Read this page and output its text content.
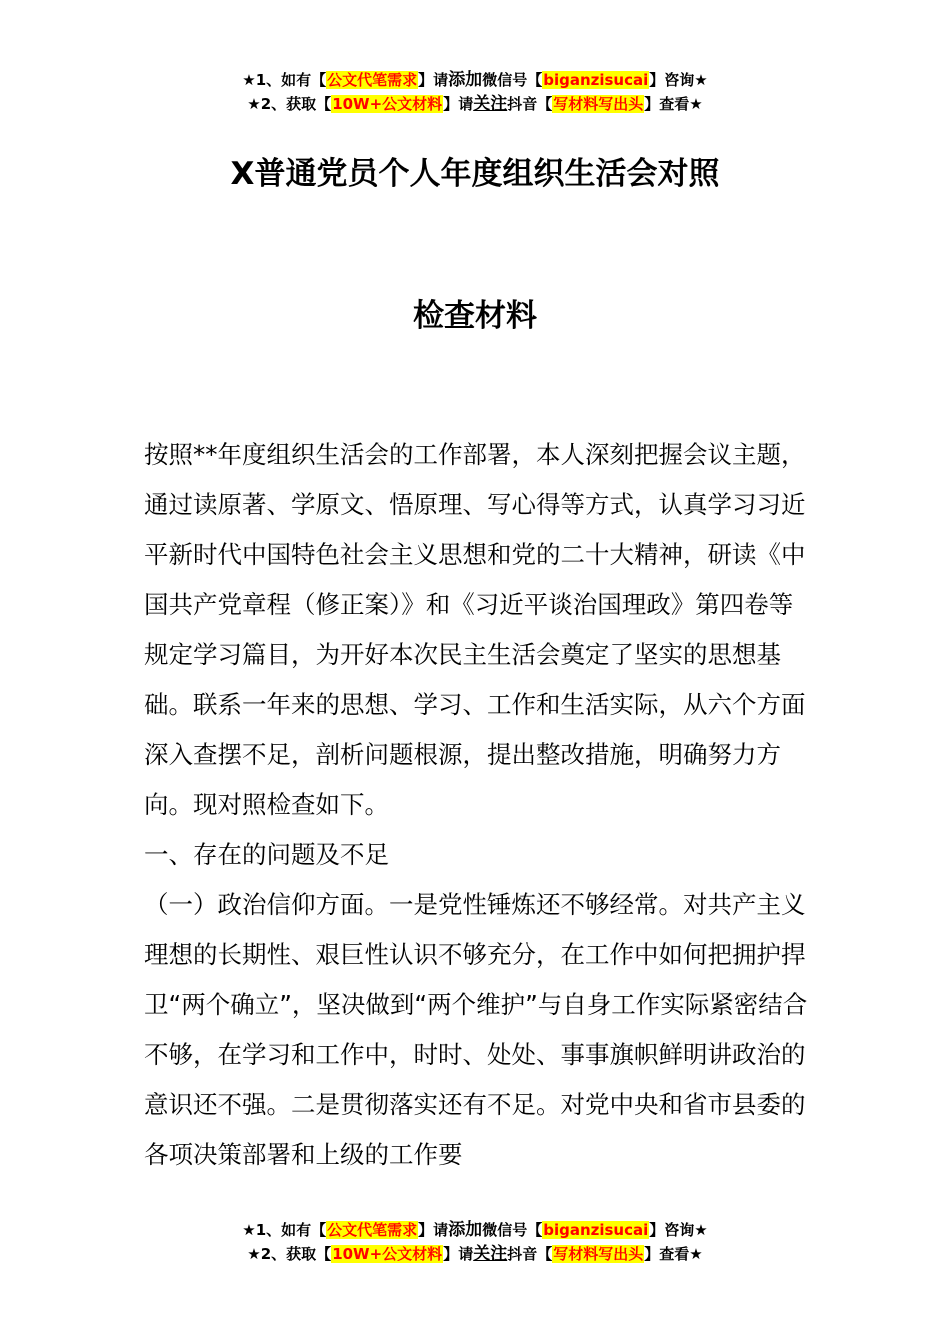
★1、如有【公文代笔需求】请添加微信号【biganzisucai】咨询★
★2、获取【10W+公文材料】请关注抖音【写材料写出头】查看★
X普通党员个人年度组织生活会对照
检查材料

按照**年度组织生活会的工作部署，本人深刻把握会议主题，通过读原著、学原文、悟原理、写心得等方式，认真学习习近平新时代中国特色社会主义思想和党的二十大精神，研读《中国共产党章程（修正案）》和《习近平谈治国理政》第四卷等规定学习篇目，为开好本次民主生活会奠定了坚实的思想基础。联系一年来的思想、学习、工作和生活实际，从六个方面深入查摆不足，剖析问题根源，提出整改措施，明确努力方向。现对照检查如下。

一、存在的问题及不足

（一）政治信仰方面。一是党性锤炼还不够经常。对共产主义理想的长期性、艰巨性认识不够充分，在工作中如何把拥护捍卫“两个确立”，坚决做到“两个维护”与自身工作实际紧密结合不够，在学习和工作中，时时、处处、事事旗帜鲜明讲政治的意识还不强。二是贯彻落实还有不足。对党中央和省市县委的各项决策部署和上级的工作要

★1、如有【公文代笔需求】请添加微信号【biganzisucai】咨询★
★2、获取【10W+公文材料】请关注抖音【写材料写出头】查看★
